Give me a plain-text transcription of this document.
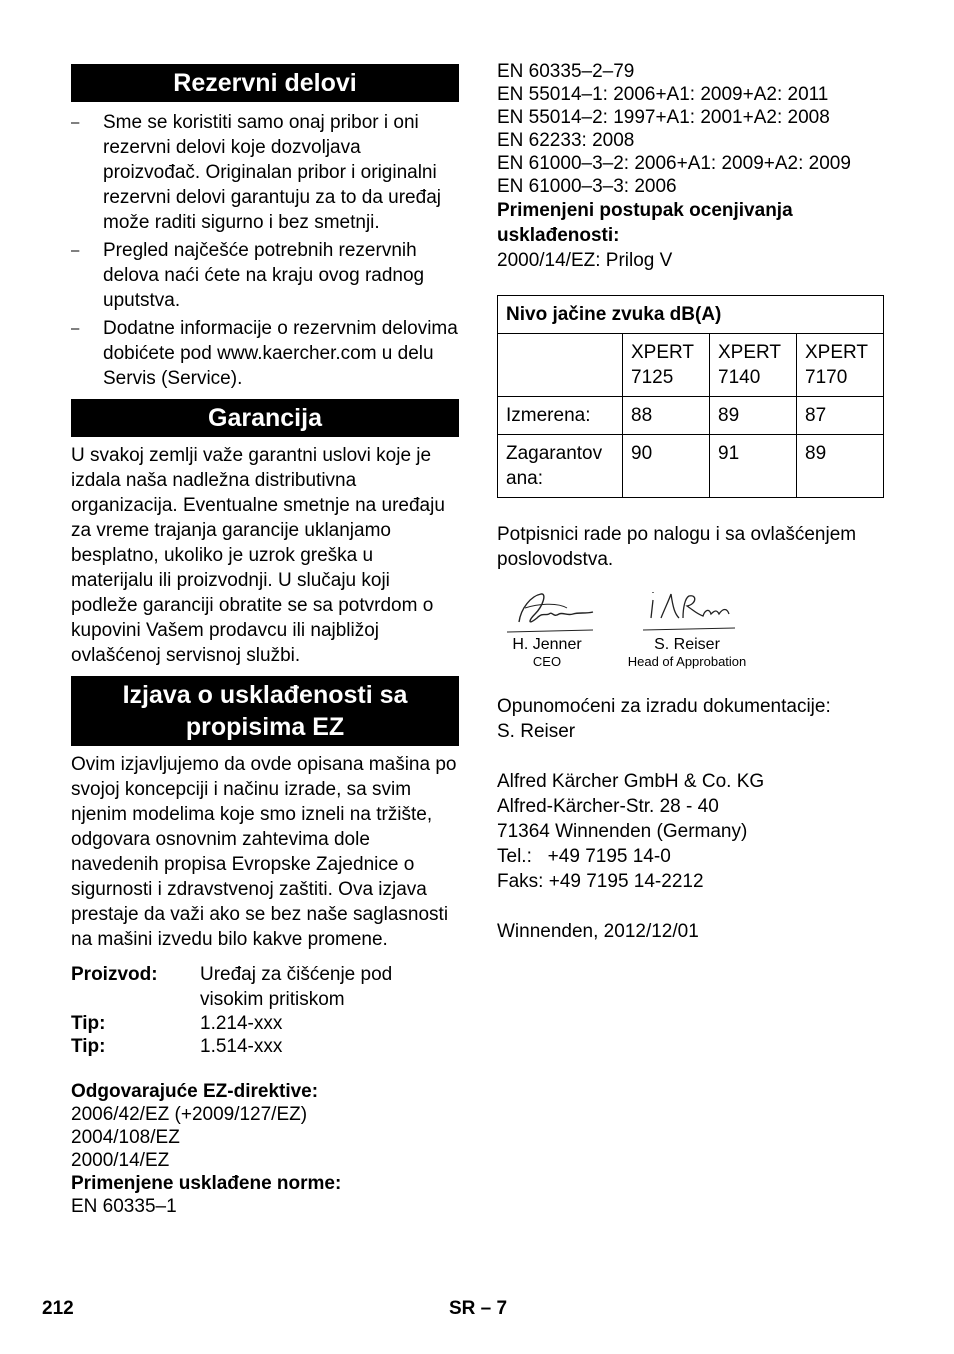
Rezervni delovi
– Sme se koristiti samo onaj pribor i oni rezervni delovi koje dozvoljava proizvođač. Originalan pribor i originalni rezervni delovi garantuju za to da uređaj može raditi sigurno i bez smetnji.
– Pregled najčešće potrebnih rezervnih delova naći ćete na kraju ovog radnog uputstva.
– Dodatne informacije o rezervnim delovima dobićete pod www.kaercher.com u delu Servis (Service).
Garancija

U svakoj zemlji važe garantni uslovi koje je izdala naša nadležna distributivna organizacija. Eventualne smetnje na uređaju za vreme trajanja garancije uklanjamo besplatno, ukoliko je uzrok greška u materijalu ili proizvodnji. U slučaju koji podleže garanciji obratite se sa potvrdom o kupovini Vašem prodavcu ili najbližoj ovlašćenoj servisnoj službi.

Izjava o usklađenosti sa propisima EZ

Ovim izjavljujemo da ovde opisana mašina po svojoj koncepciji i načinu izrade, sa svim njenim modelima koje smo izneli na tržište, odgovara osnovnim zahtevima dole navedenih propisa Evropske Zajednice o sigurnosti i zdravstvenoj zaštiti. Ova izjava prestaje da važi ako se bez naše saglasnosti na mašini izvedu bilo kakve promene.

Proizvod:	Uređaj za čišćenje pod visokim pritiskom
Tip:	1.214-xxx
Tip:	1.514-xxx
Odgovarajuće EZ-direktive:
2006/42/EZ (+2009/127/EZ)
2004/108/EZ
2000/14/EZ
Primenjene usklađene norme:
EN 60335–1
EN 60335–2–79
EN 55014–1: 2006+A1: 2009+A2: 2011
EN 55014–2: 1997+A1: 2001+A2: 2008
EN 62233: 2008
EN 61000–3–2: 2006+A1: 2009+A2: 2009
EN 61000–3–3: 2006
Primenjeni postupak ocenjivanja usklađenosti:
2000/14/EZ: Prilog V
Nivo jačine zvuka dB(A)			
	XPERT 7125	XPERT 7140	XPERT 7170
Izmerena:	88	89	87
Zagarantov ana:	90	91	89

Potpisnici rade po nalogu i sa ovlašćenjem poslovodstva.

H. Jenner
CEO
S. Reiser
Head of Approbation
Opunomoćeni za izradu dokumentacije:
S. Reiser
Alfred Kärcher GmbH & Co. KG
Alfred-Kärcher-Str. 28 - 40
71364 Winnenden (Germany)
Tel.:   +49 7195 14-0
Faks: +49 7195 14-2212
Winnenden, 2012/12/01
212	SR – 7
